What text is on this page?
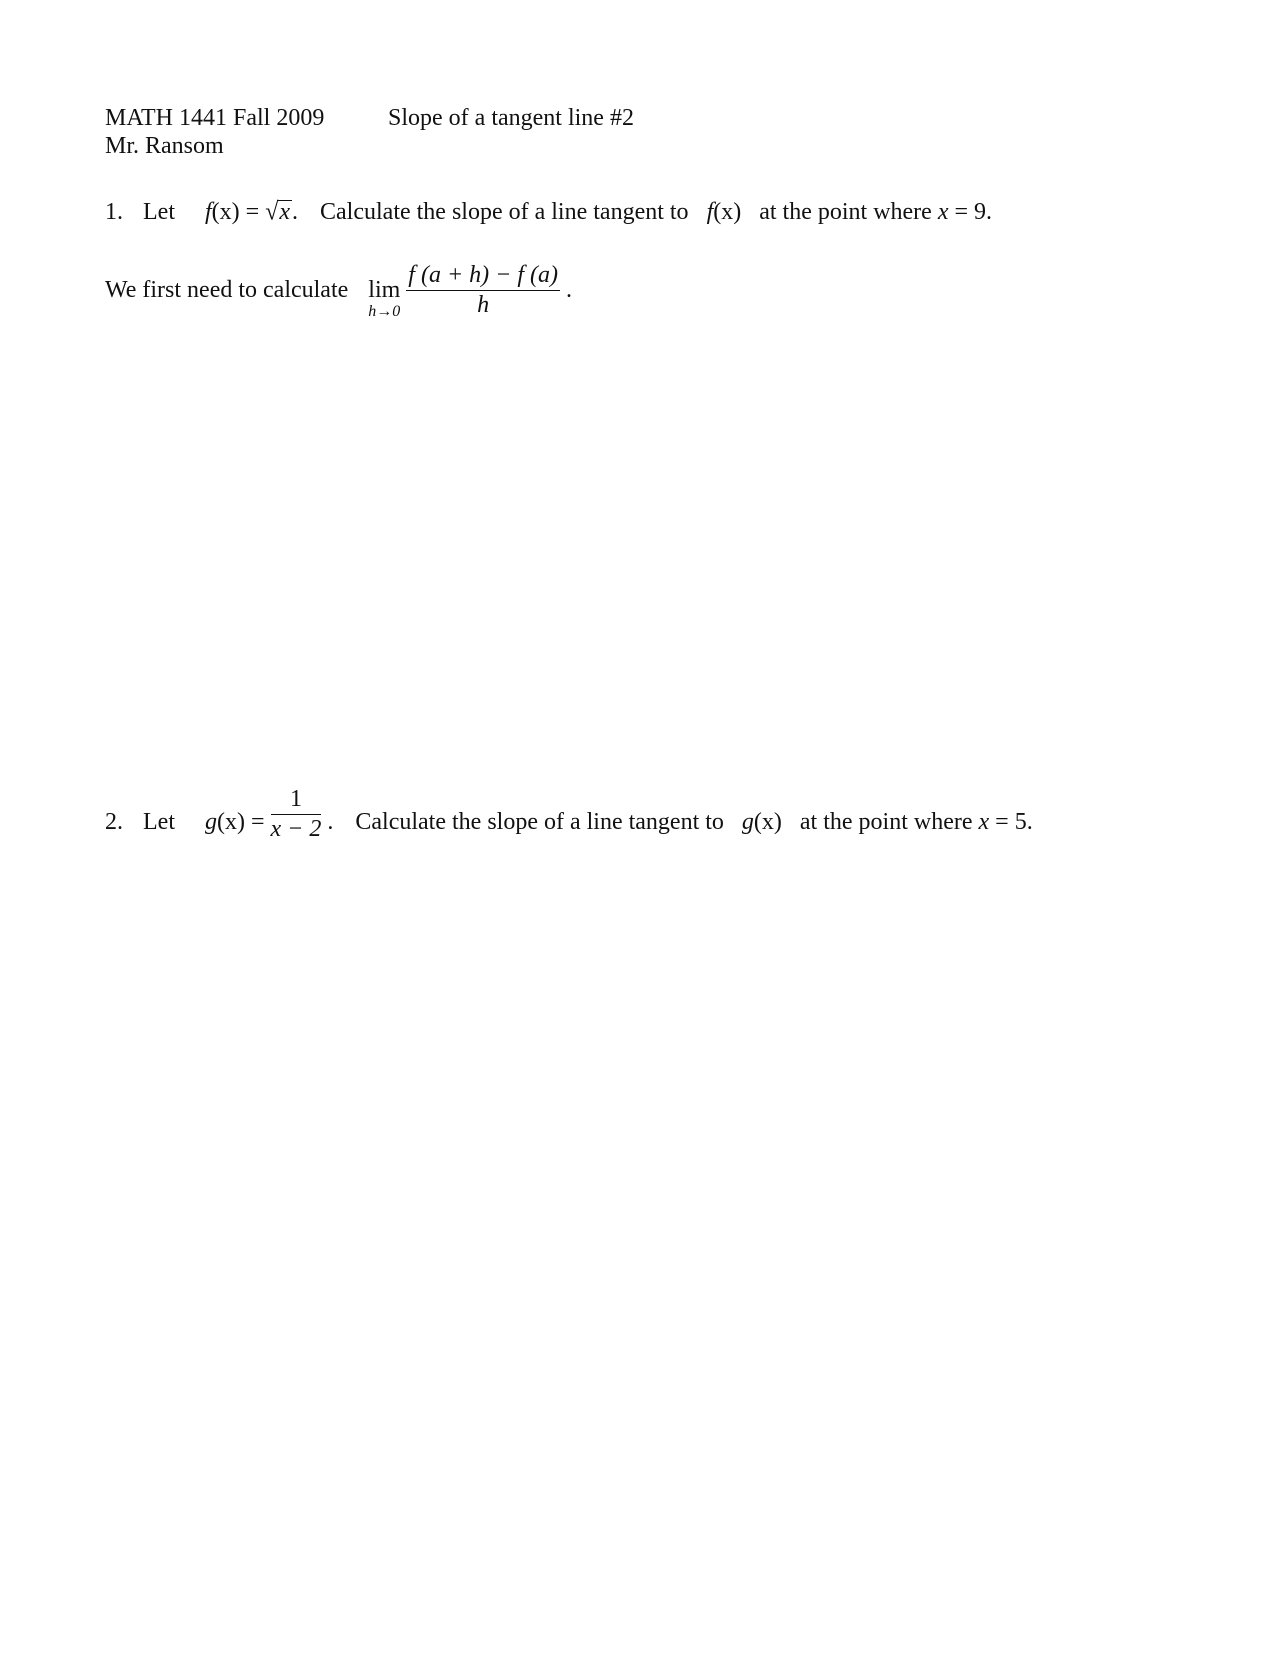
MATH 1441 Fall 2009	Slope of a tangent line #2
Mr. Ransom
1. Let f(x) = √x. Calculate the slope of a line tangent to f(x) at the point where x = 9.
We first need to calculate lim
h→0
$\frac{f (a + h) - f (a)}{h}$ .
2. Let $g(x) = \frac{1}{x - 2}$ . Calculate the slope of a line tangent to g(x) at the point where x = 5.
